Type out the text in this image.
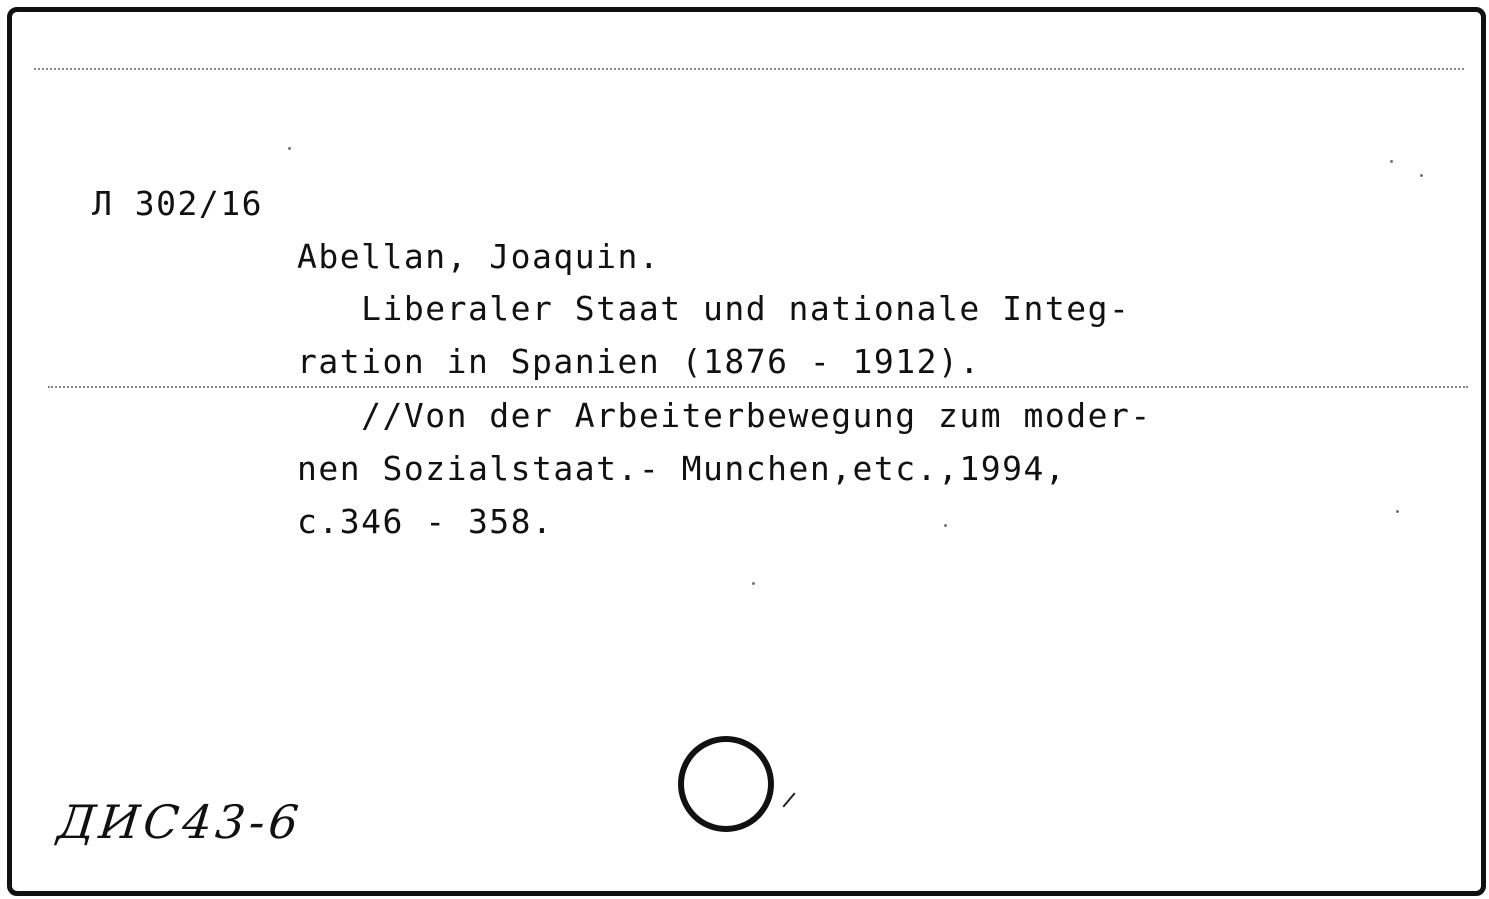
Л 302/16
Abellan, Joaquin.
Liberaler Staat und nationale Integ-
ration in Spanien (1876 - 1912).
//Von der Arbeiterbewegung zum moder-
nen Sozialstaat.- Munchen,etc.,1994,
c.346 - 358.
ДИС43-6
